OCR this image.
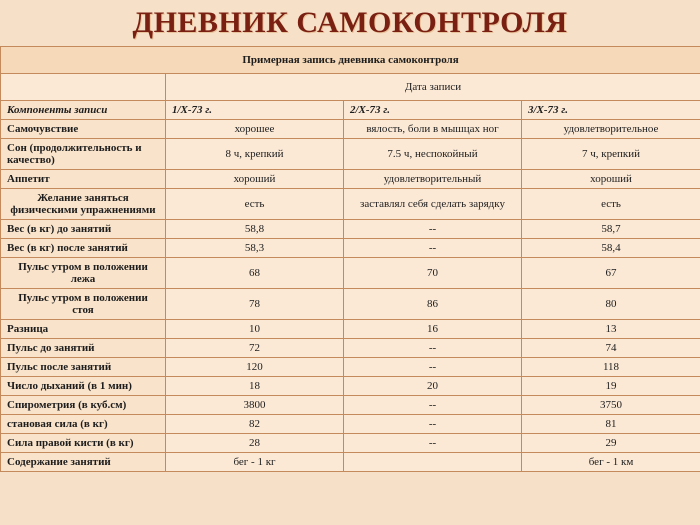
ДНЕВНИК САМОКОНТРОЛЯ
Примерная запись дневника самоконтроля			
	Дата записи		
Компоненты записи	1/X-73 г.	2/X-73 г.	3/X-73 г.
Самочувствие	хорошее	вялость, боли в мышцах ног	удовлетворительное
Сон (продолжительность и качество)	8 ч, крепкий	7.5 ч, неспокойный	7 ч, крепкий
Аппетит	хороший	удовлетворительный	хороший
Желание заняться физическими упражнениями	есть	заставлял себя сделать зарядку	есть
Вес (в кг) до занятий	58,8	--	58,7
Вес (в кг) после занятий	58,3	--	58,4
Пульс утром в положении лежа	68	70	67
Пульс утром в положении стоя	78	86	80
Разница	10	16	13
Пульс до занятий	72	--	74
Пульс после занятий	120	--	118
Число дыханий (в 1 мин)	18	20	19
Спирометрия (в куб.см)	3800	--	3750
становая сила (в кг)	82	--	81
Сила правой кисти (в кг)	28	--	29
Содержание занятий	бег - 1 кг		бег - 1 км
